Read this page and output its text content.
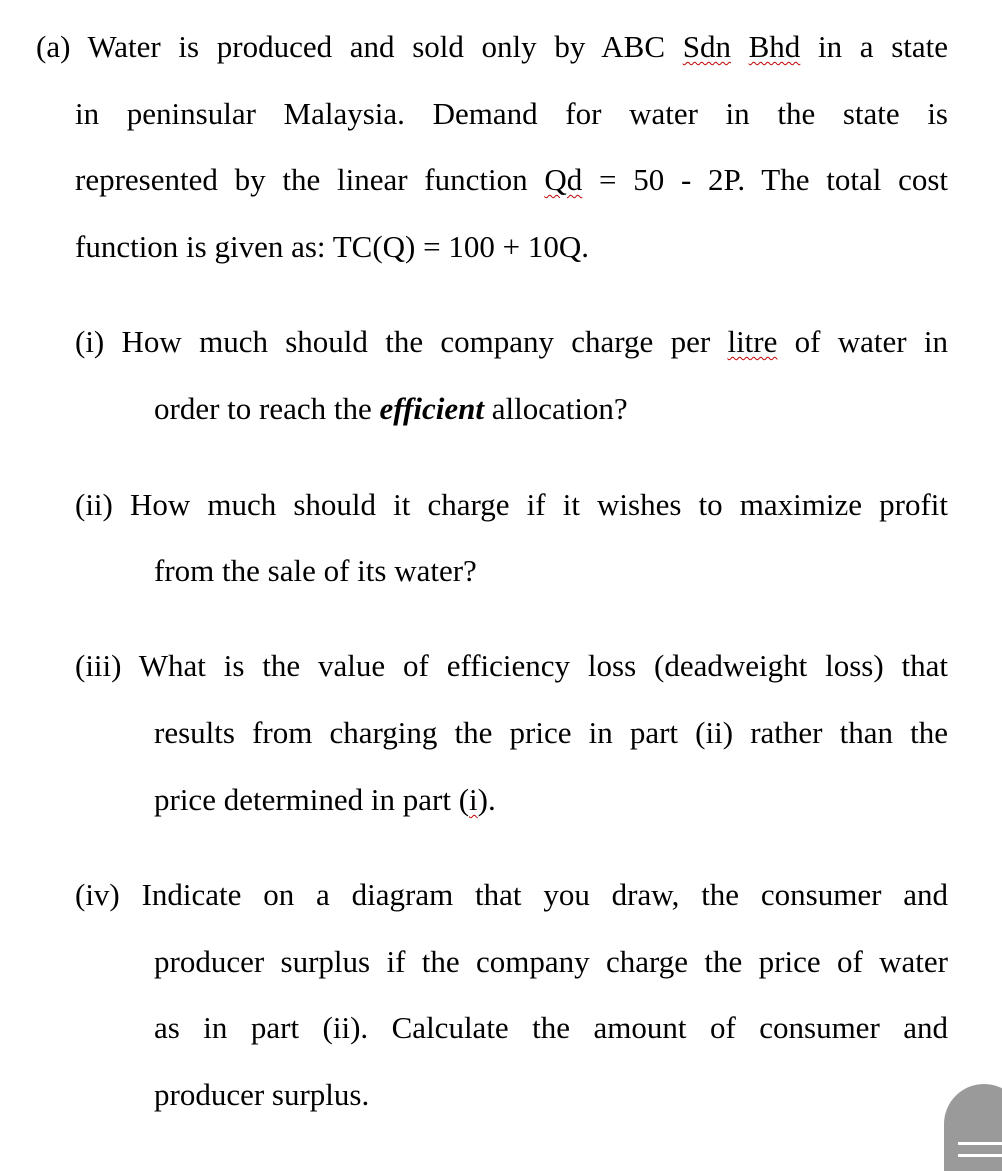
(a) Water is produced and sold only by ABC Sdn Bhd in a state
in peninsular Malaysia. Demand for water in the state is
represented by the linear function Qd = 50 - 2P. The total cost
function is given as: TC(Q) = 100 + 10Q.
(i) How much should the company charge per litre of water in
order to reach the efficient allocation?
(ii) How much should it charge if it wishes to maximize profit
from the sale of its water?
(iii) What is the value of efficiency loss (deadweight loss) that
results from charging the price in part (ii) rather than the
price determined in part (i).
(iv) Indicate on a diagram that you draw, the consumer and
producer surplus if the company charge the price of water
as in part (ii). Calculate the amount of consumer and
producer surplus.
